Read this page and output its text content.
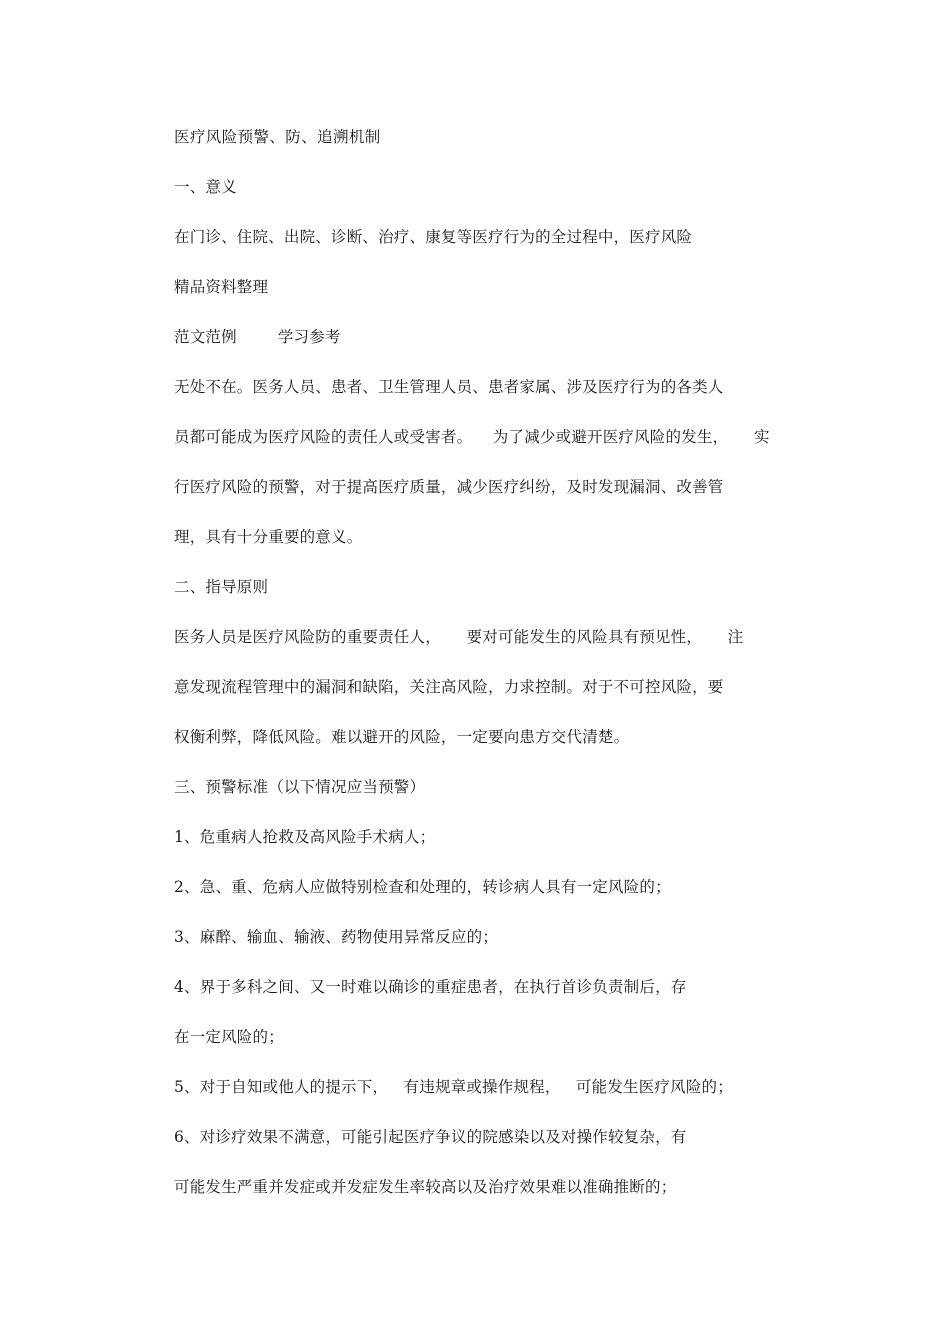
医疗风险预警、防、追溯机制
一、意义
在门诊、住院、出院、诊断、治疗、康复等医疗行为的全过程中，医疗风险
精品资料整理
范文范例        学习参考
无处不在。医务人员、患者、卫生管理人员、患者家属、涉及医疗行为的各类人
员都可能成为医疗风险的责任人或受害者。    为了减少或避开医疗风险的发生，     实
行医疗风险的预警，对于提高医疗质量，减少医疗纠纷，及时发现漏洞、改善管
理，具有十分重要的意义。
二、指导原则
医务人员是医疗风险防的重要责任人，     要对可能发生的风险具有预见性，     注
意发现流程管理中的漏洞和缺陷，关注高风险，力求控制。对于不可控风险，要
权衡利弊，降低风险。难以避开的风险，一定要向患方交代清楚。
三、预警标准（以下情况应当预警）
1、危重病人抢救及高风险手术病人；
2、急、重、危病人应做特别检查和处理的，转诊病人具有一定风险的；
3、麻醉、输血、输液、药物使用异常反应的；
4、界于多科之间、又一时难以确诊的重症患者，在执行首诊负责制后，存
在一定风险的；
5、对于自知或他人的提示下，   有违规章或操作规程，   可能发生医疗风险的；
6、对诊疗效果不满意，可能引起医疗争议的院感染以及对操作较复杂，有
可能发生严重并发症或并发症发生率较高以及治疗效果难以准确推断的；
